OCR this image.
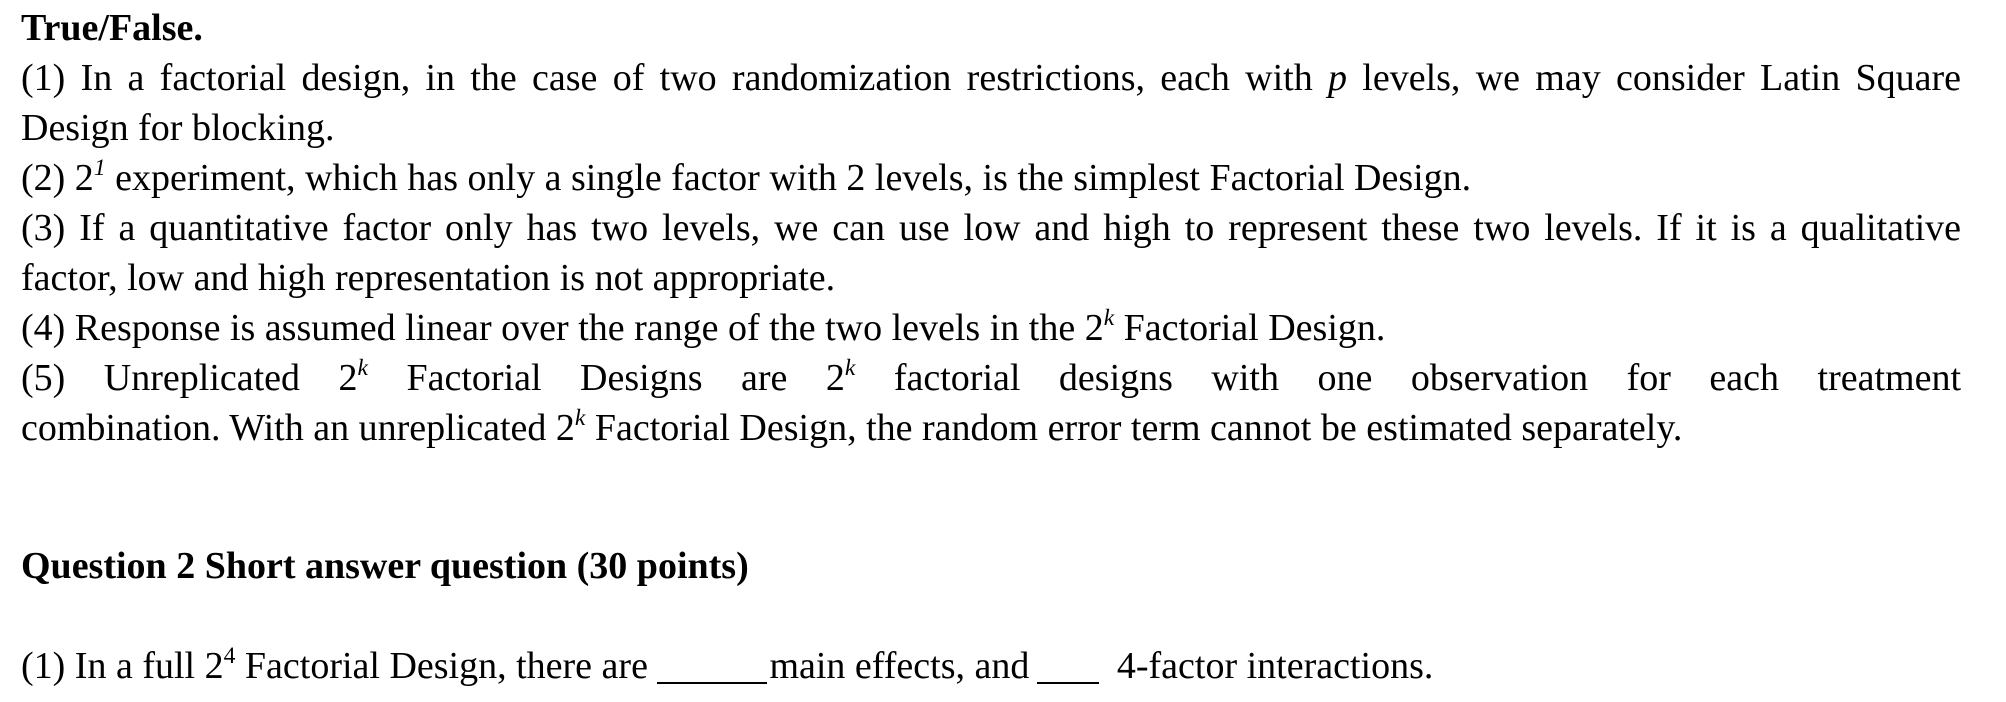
True/False.
(1) In a factorial design, in the case of two randomization restrictions, each with p levels, we may consider Latin Square Design for blocking.
(2) $2^1$ experiment, which has only a single factor with 2 levels, is the simplest Factorial Design.
(3) If a quantitative factor only has two levels, we can use low and high to represent these two levels. If it is a qualitative factor, low and high representation is not appropriate.
(4) Response is assumed linear over the range of the two levels in the 2$^k$ Factorial Design.
(5) Unreplicated 2$^k$ Factorial Designs are 2$^k$ factorial designs with one observation for each treatment
combination. With an unreplicated 2$^k$ Factorial Design, the random error term cannot be estimated separately.
Question 2 Short answer question (30 points)
(1) In a full $2^4$ Factorial Design, there are	main effects, and 4-factor interactions.
